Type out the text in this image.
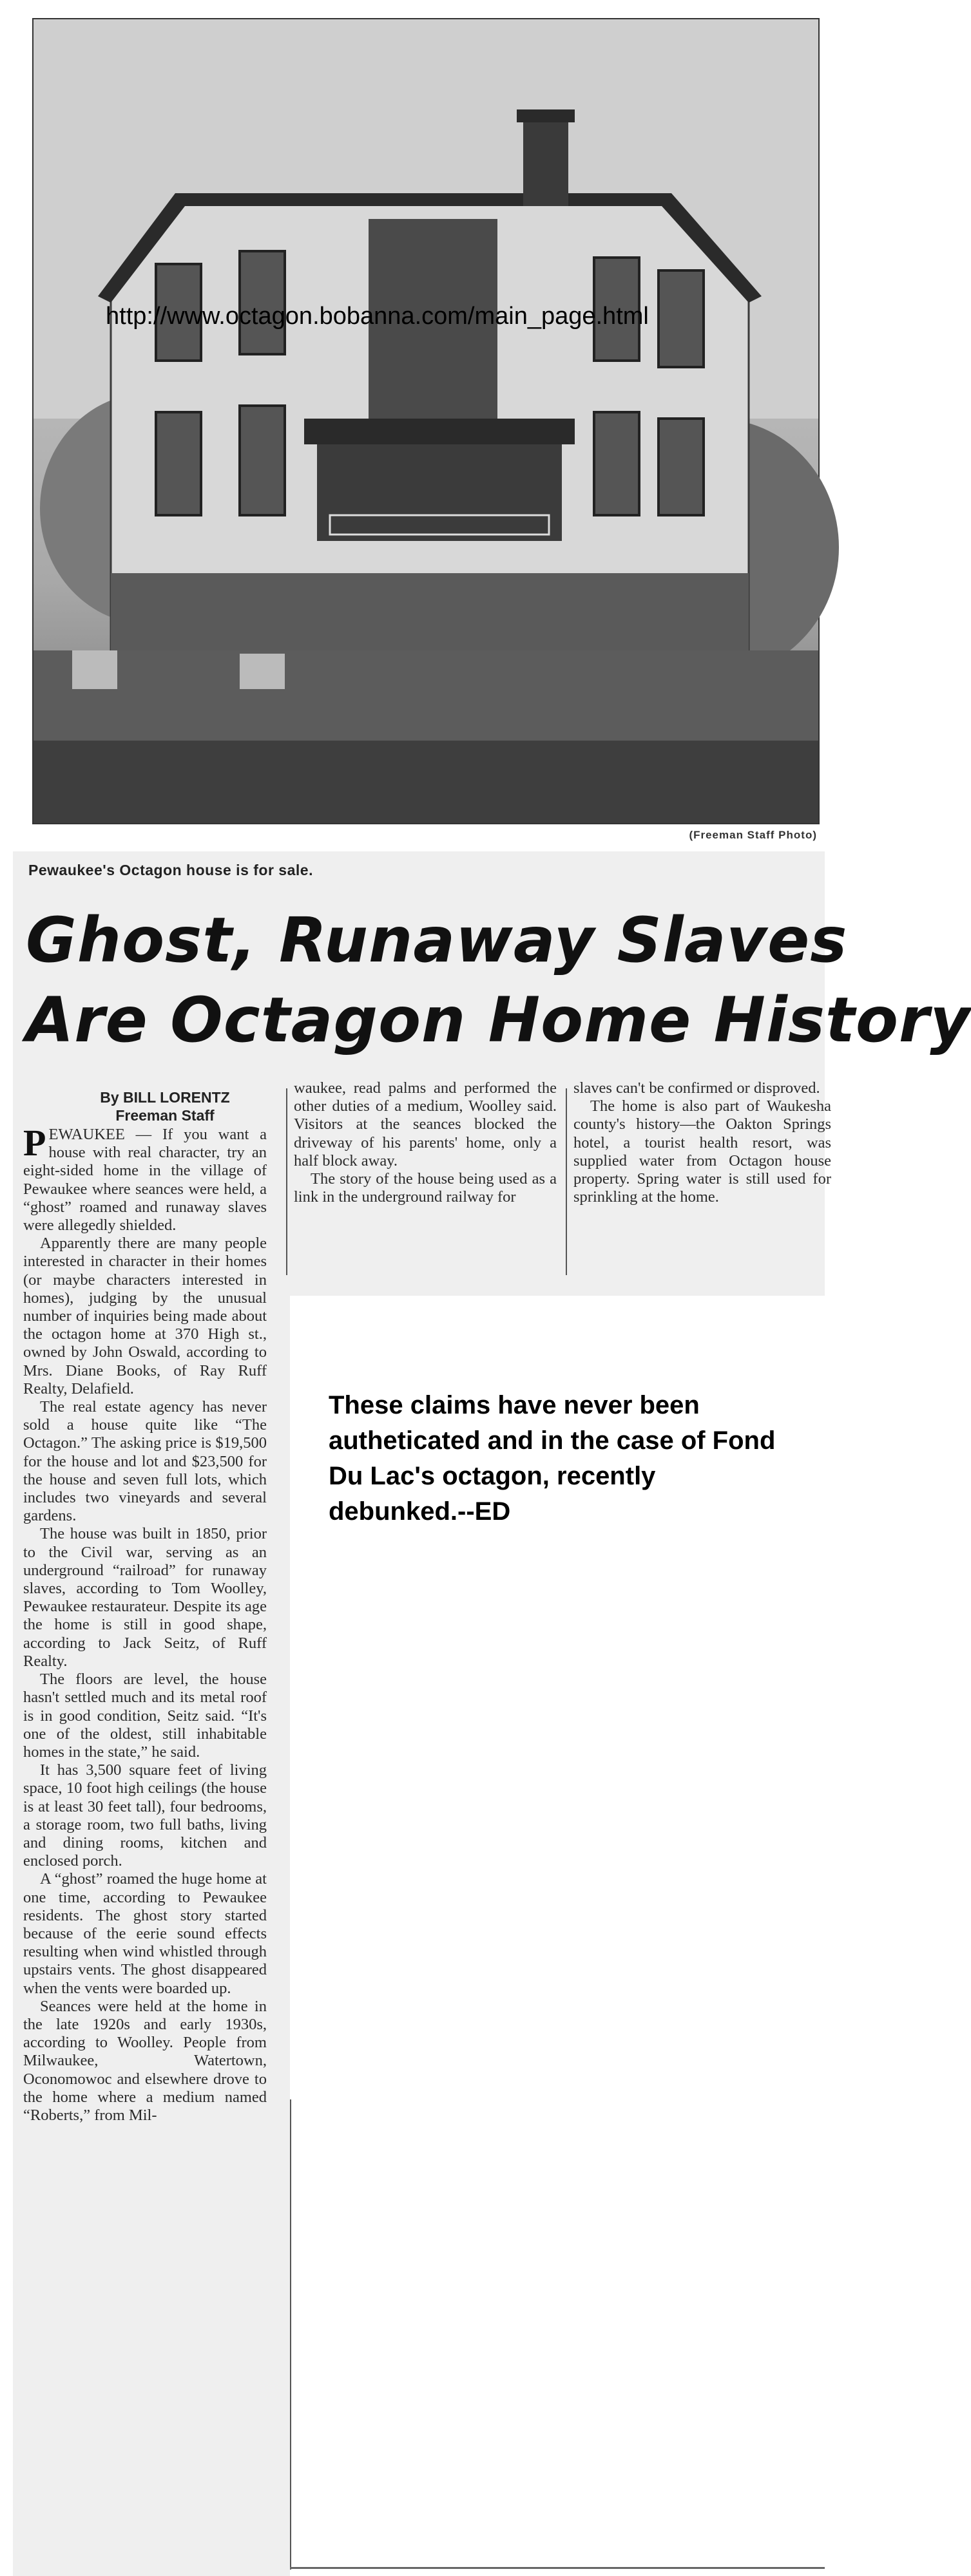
http://www.octagon.bobanna.com/main_page.html
(Freeman Staff Photo)
Pewaukee's Octagon house is for sale.
Ghost, Runaway Slaves
Are Octagon Home History
By BILL LORENTZ
Freeman Staff

PEWAUKEE — If you want a house with real character, try an eight-sided home in the village of Pewaukee where seances were held, a “ghost” roamed and runaway slaves were allegedly shielded.

Apparently there are many people interested in character in their homes (or maybe characters interested in homes), judging by the unusual number of inquiries being made about the octagon home at 370 High st., owned by John Oswald, according to Mrs. Diane Books, of Ray Ruff Realty, Delafield.

The real estate agency has never sold a house quite like “The Octagon.” The asking price is $19,500 for the house and lot and $23,500 for the house and seven full lots, which includes two vineyards and several gardens.

The house was built in 1850, prior to the Civil war, serving as an underground “railroad” for runaway slaves, according to Tom Woolley, Pewaukee restaurateur. Despite its age the home is still in good shape, according to Jack Seitz, of Ruff Realty.

The floors are level, the house hasn't settled much and its metal roof is in good condition, Seitz said. “It's one of the oldest, still inhabitable homes in the state,” he said.

It has 3,500 square feet of living space, 10 foot high ceilings (the house is at least 30 feet tall), four bedrooms, a storage room, two full baths, living and dining rooms, kitchen and enclosed porch.

A “ghost” roamed the huge home at one time, according to Pewaukee residents. The ghost story started because of the eerie sound effects resulting when wind whistled through upstairs vents. The ghost disappeared when the vents were boarded up.

Seances were held at the home in the late 1920s and early 1930s, according to Woolley. People from Milwaukee, Watertown, Oconomowoc and elsewhere drove to the home where a medium named “Roberts,” from Mil-

waukee, read palms and performed the other duties of a medium, Woolley said. Visitors at the seances blocked the driveway of his parents' home, only a half block away.

The story of the house being used as a link in the underground railway for

slaves can't be confirmed or disproved.

The home is also part of Waukesha county's history—the Oakton Springs hotel, a tourist health resort, was supplied water from Octagon house property. Spring water is still used for sprinkling at the home.

These claims have never been autheticated and in the case of Fond Du Lac's octagon, recently debunked.--ED
